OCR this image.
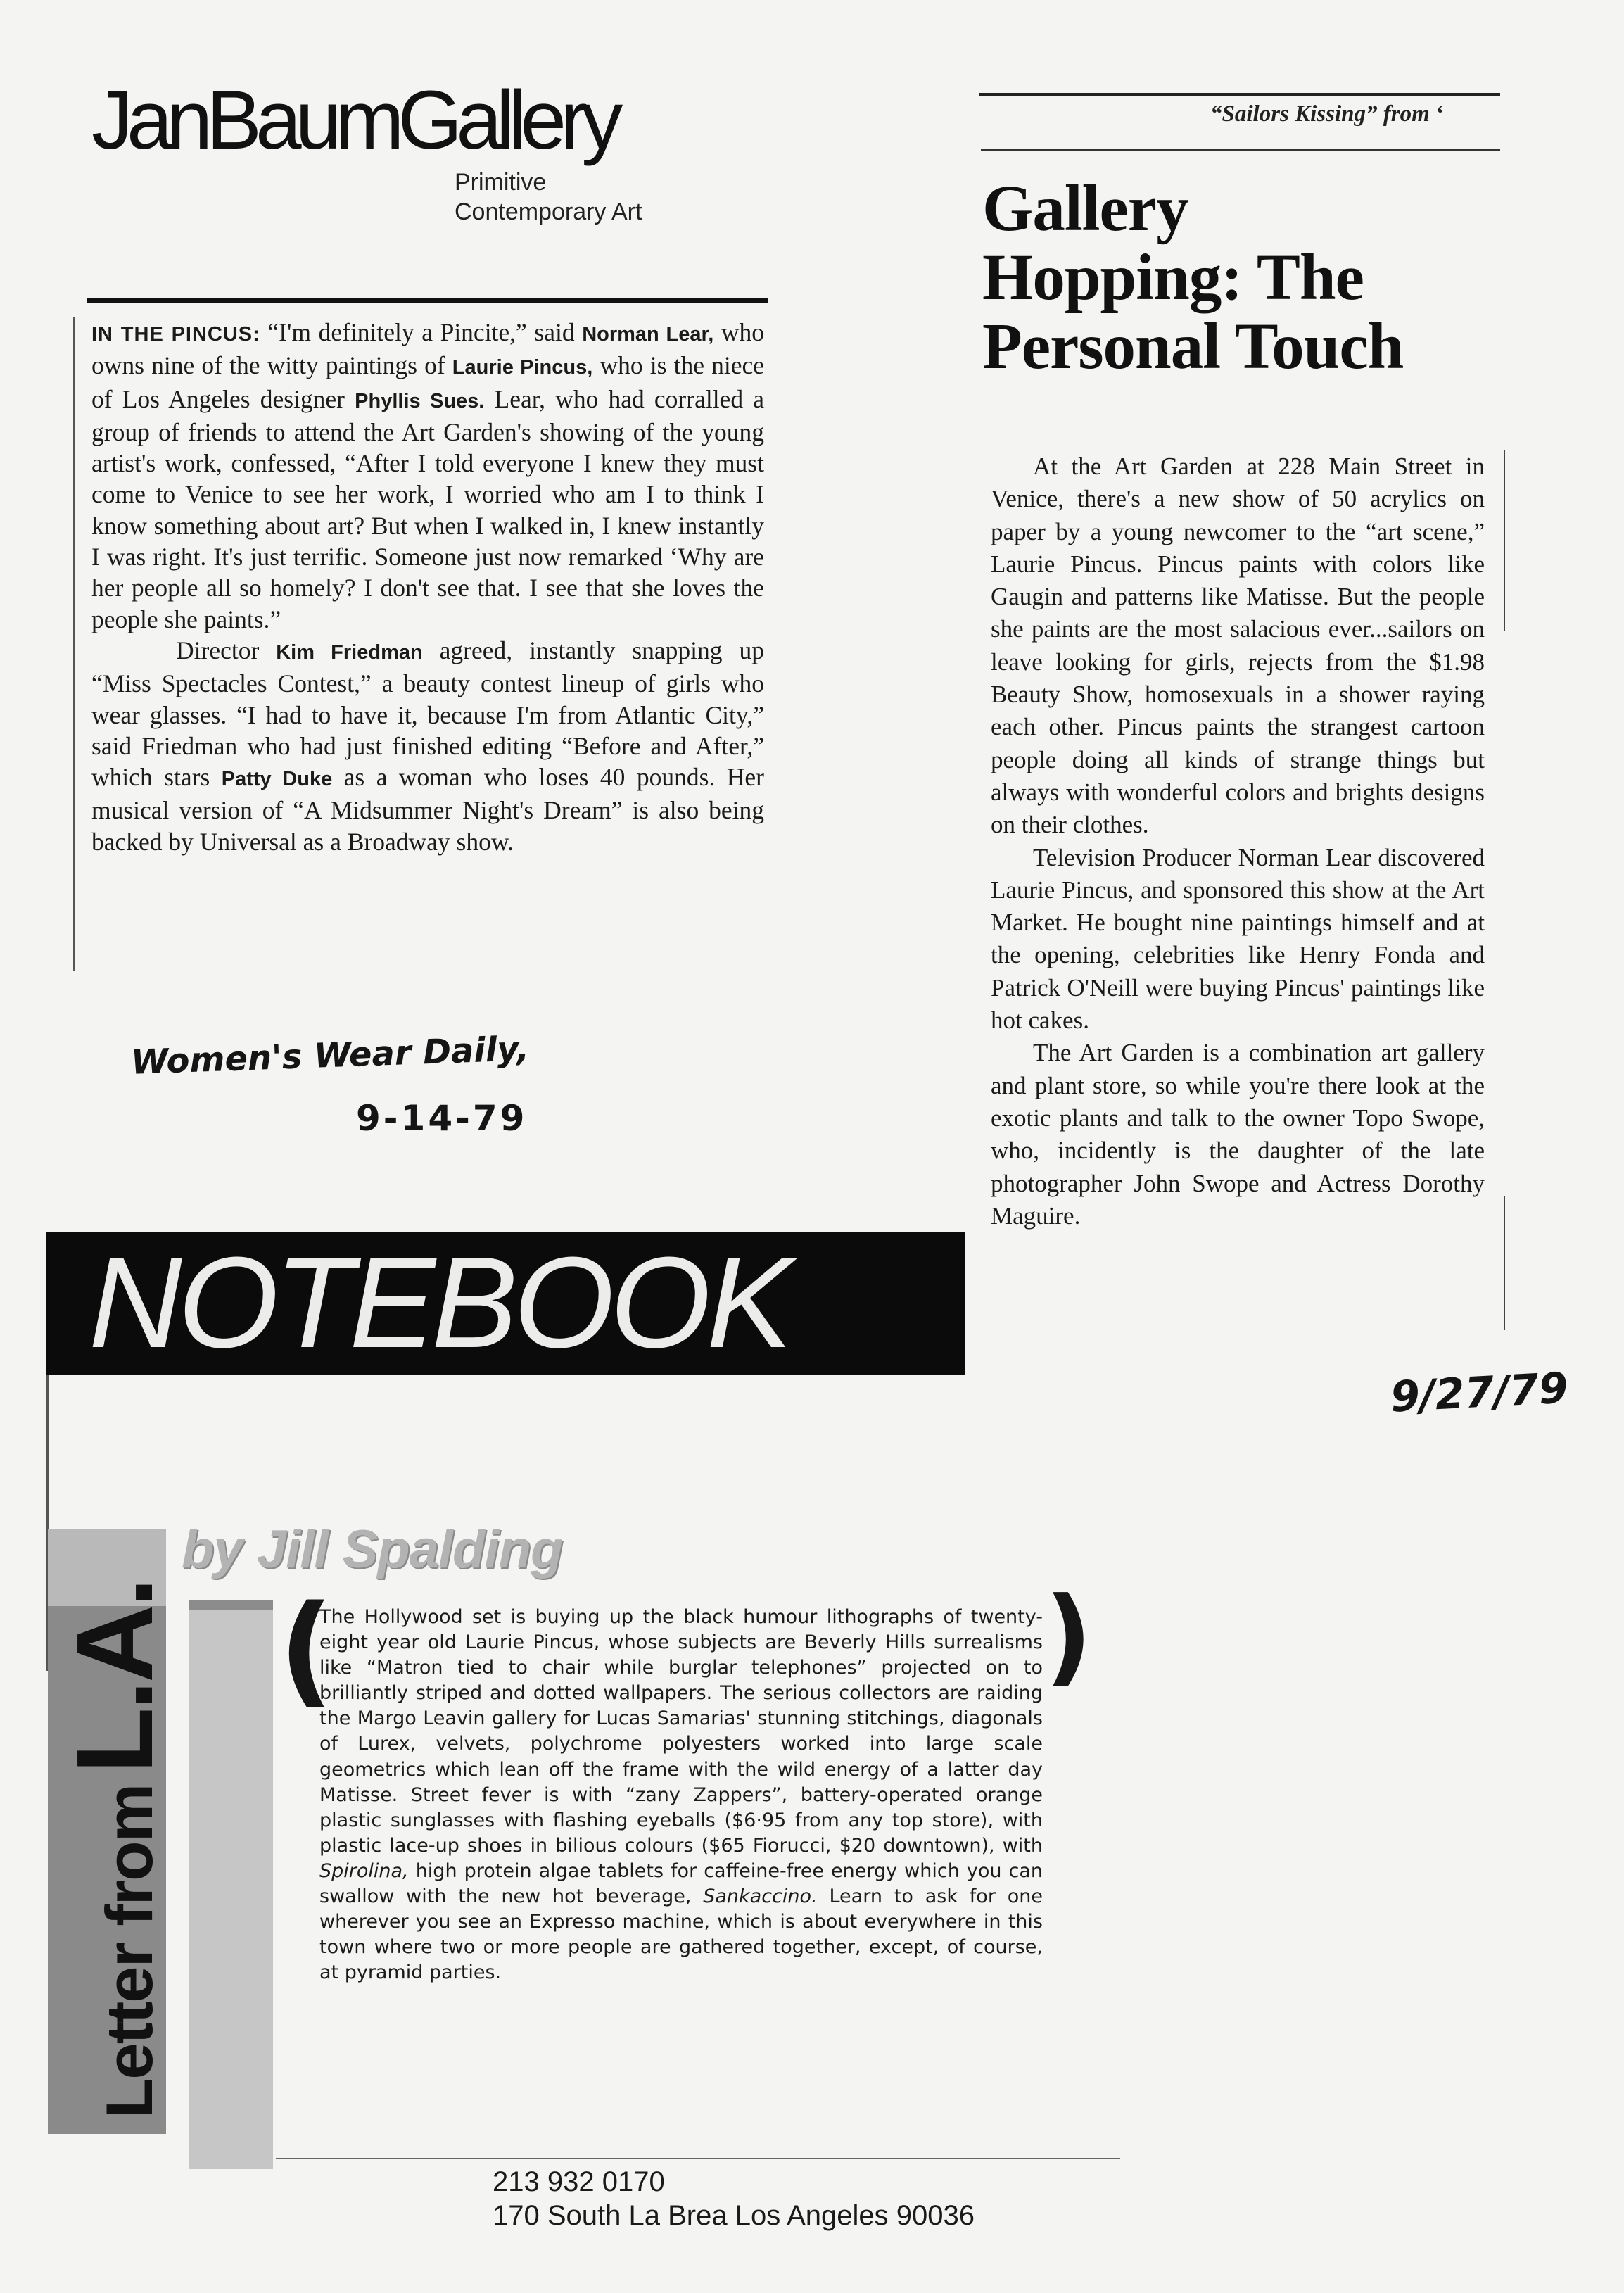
JanBaumGallery
Primitive
Contemporary Art

IN THE PINCUS: “I'm definitely a Pincite,” said Norman Lear, who owns nine of the witty paintings of Laurie Pincus, who is the niece of Los Angeles designer Phyllis Sues. Lear, who had corralled a group of friends to attend the Art Garden's showing of the young artist's work, confessed, “After I told everyone I knew they must come to Venice to see her work, I worried who am I to think I know something about art? But when I walked in, I knew instantly I was right. It's just terrific. Someone just now remarked ‘Why are her people all so homely? I don't see that. I see that she loves the people she paints.”

Director Kim Friedman agreed, instantly snapping up “Miss Spectacles Contest,” a beauty contest lineup of girls who wear glasses. “I had to have it, because I'm from Atlantic City,” said Friedman who had just finished editing “Before and After,” which stars Patty Duke as a woman who loses 40 pounds. Her musical version of “A Midsummer Night's Dream” is also being backed by Universal as a Broadway show.

Women's Wear Daily,
9-14-79
“Sailors Kissing” from ‘
Gallery Hopping: The Personal Touch

At the Art Garden at 228 Main Street in Venice, there's a new show of 50 acrylics on paper by a young newcomer to the “art scene,” Laurie Pincus. Pincus paints with colors like Gaugin and patterns like Matisse. But the people she paints are the most salacious ever...sailors on leave looking for girls, rejects from the $1.98 Beauty Show, homosexuals in a shower raying each other. Pincus paints the strangest cartoon people doing all kinds of strange things but always with wonderful colors and brights designs on their clothes.

Television Producer Norman Lear discovered Laurie Pincus, and sponsored this show at the Art Market. He bought nine paintings himself and at the opening, celebrities like Henry Fonda and Patrick O'Neill were buying Pincus' paintings like hot cakes.

The Art Garden is a combination art gallery and plant store, so while you're there look at the exotic plants and talk to the owner Topo Swope, who, incidently is the daughter of the late photographer John Swope and Actress Dorothy Maguire.

9/27/79
NOTEBOOK
Letter fromL.A.
by Jill Spalding
(	)
The Hollywood set is buying up the black humour lithographs of twenty-eight year old Laurie Pincus, whose subjects are Beverly Hills surrealisms like “Matron tied to chair while burglar telephones” projected on to brilliantly striped and dotted wallpapers. The serious collectors are raiding the Margo Leavin gallery for Lucas Samarias' stunning stitchings, diagonals of Lurex, velvets, polychrome polyesters worked into large scale geometrics which lean off the frame with the wild energy of a latter day Matisse. Street fever is with “zany Zappers”, battery-operated orange plastic sunglasses with flashing eyeballs ($6·95 from any top store), with plastic lace-up shoes in bilious colours ($65 Fiorucci, $20 downtown), with Spirolina, high protein algae tablets for caffeine-free energy which you can swallow with the new hot beverage, Sankaccino. Learn to ask for one wherever you see an Expresso machine, which is about everywhere in this town where two or more people are gathered together, except, of course, at pyramid parties.
213 932 0170
170 South La Brea Los Angeles 90036
